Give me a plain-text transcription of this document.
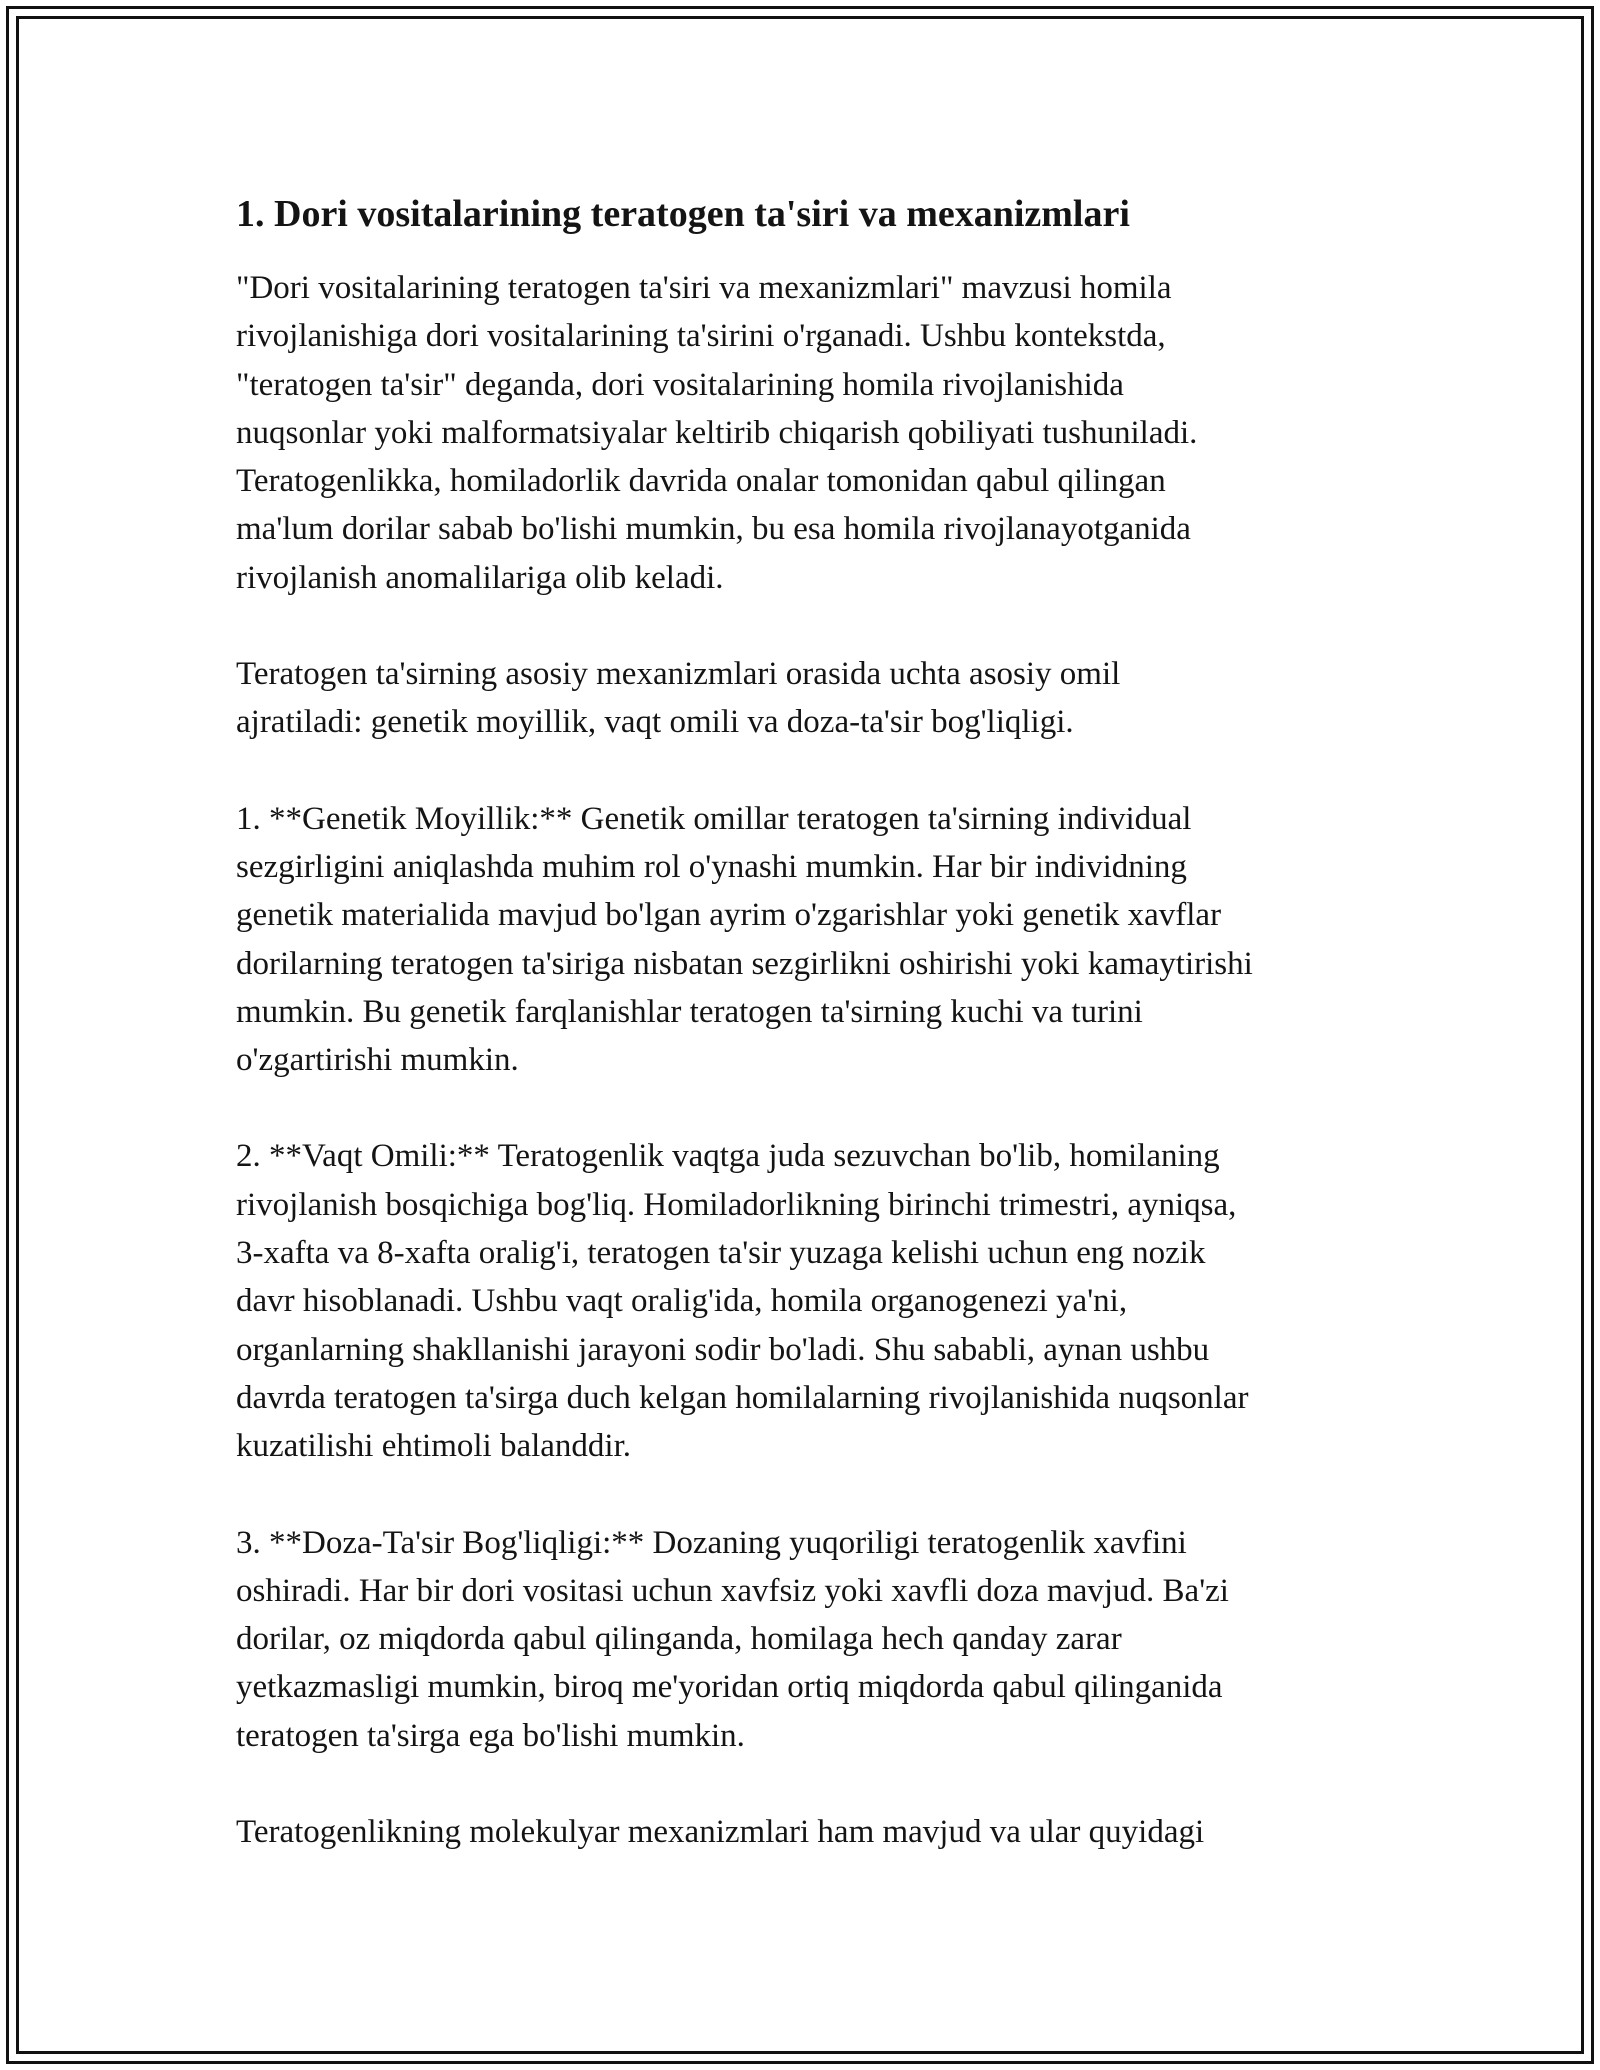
1. Dori vositalarining teratogen ta'siri va mexanizmlari

"Dori vositalarining teratogen ta'siri va mexanizmlari" mavzusi homila
rivojlanishiga dori vositalarining ta'sirini o'rganadi. Ushbu kontekstda,
"teratogen ta'sir" deganda, dori vositalarining homila rivojlanishida
nuqsonlar yoki malformatsiyalar keltirib chiqarish qobiliyati tushuniladi.
Teratogenlikka, homiladorlik davrida onalar tomonidan qabul qilingan
ma'lum dorilar sabab bo'lishi mumkin, bu esa homila rivojlanayotganida
rivojlanish anomalilariga olib keladi.

Teratogen ta'sirning asosiy mexanizmlari orasida uchta asosiy omil
ajratiladi: genetik moyillik, vaqt omili va doza-ta'sir bog'liqligi.

1. **Genetik Moyillik:** Genetik omillar teratogen ta'sirning individual
sezgirligini aniqlashda muhim rol o'ynashi mumkin. Har bir individning
genetik materialida mavjud bo'lgan ayrim o'zgarishlar yoki genetik xavflar
dorilarning teratogen ta'siriga nisbatan sezgirlikni oshirishi yoki kamaytirishi
mumkin. Bu genetik farqlanishlar teratogen ta'sirning kuchi va turini
o'zgartirishi mumkin.

2. **Vaqt Omili:** Teratogenlik vaqtga juda sezuvchan bo'lib, homilaning
rivojlanish bosqichiga bog'liq. Homiladorlikning birinchi trimestri, ayniqsa,
3-xafta va 8-xafta oralig'i, teratogen ta'sir yuzaga kelishi uchun eng nozik
davr hisoblanadi. Ushbu vaqt oralig'ida, homila organogenezi ya'ni,
organlarning shakllanishi jarayoni sodir bo'ladi. Shu sababli, aynan ushbu
davrda teratogen ta'sirga duch kelgan homilalarning rivojlanishida nuqsonlar
kuzatilishi ehtimoli balanddir.

3. **Doza-Ta'sir Bog'liqligi:** Dozaning yuqoriligi teratogenlik xavfini
oshiradi. Har bir dori vositasi uchun xavfsiz yoki xavfli doza mavjud. Ba'zi
dorilar, oz miqdorda qabul qilinganda, homilaga hech qanday zarar
yetkazmasligi mumkin, biroq me'yoridan ortiq miqdorda qabul qilinganida
teratogen ta'sirga ega bo'lishi mumkin.

Teratogenlikning molekulyar mexanizmlari ham mavjud va ular quyidagi
